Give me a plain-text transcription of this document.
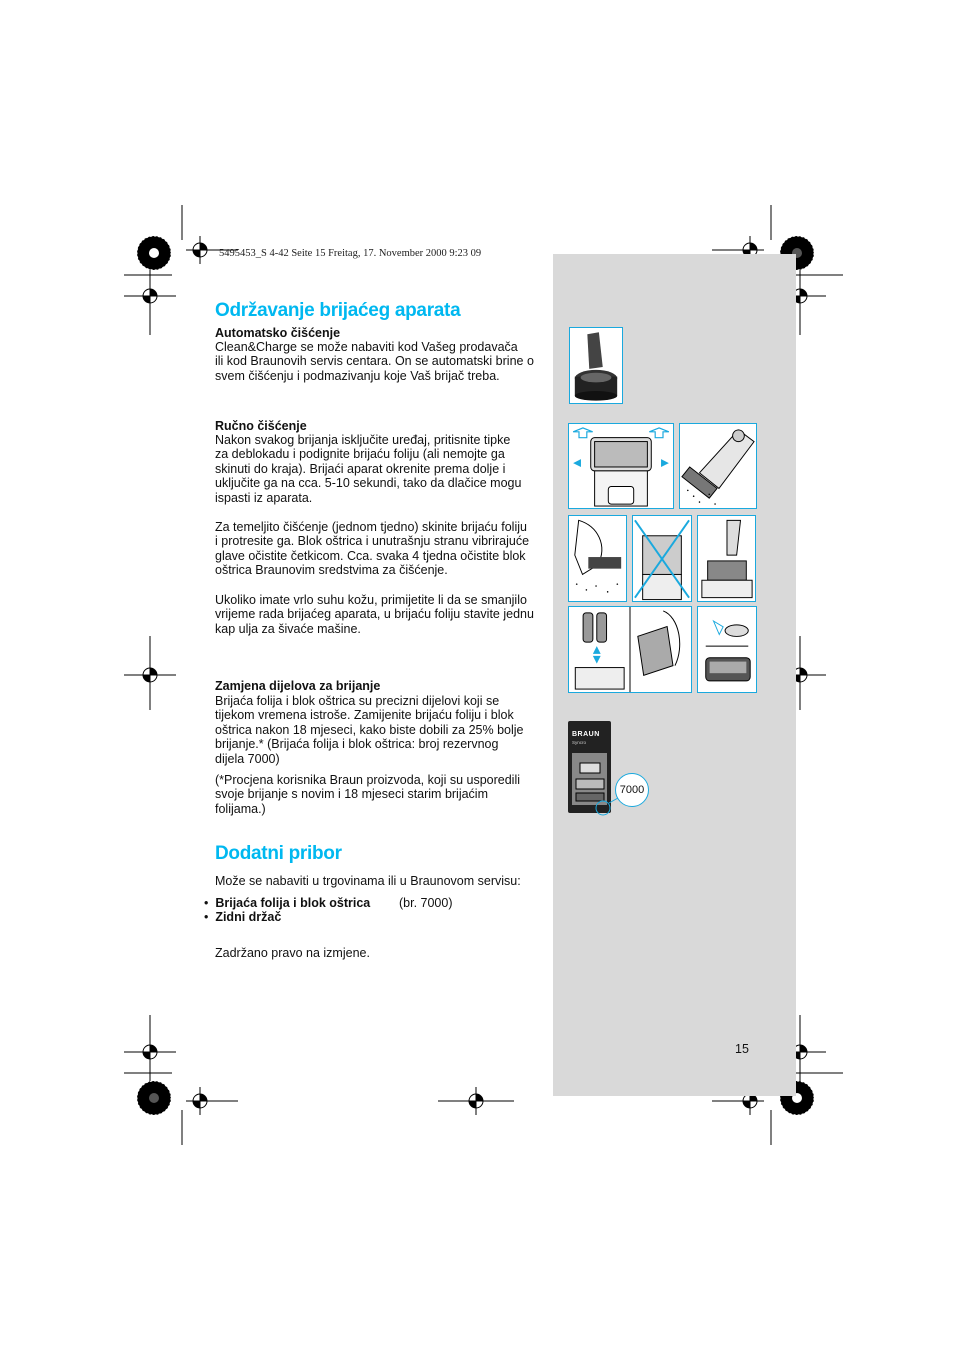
5495453_S 4-42 Seite 15 Freitag, 17. November 2000 9:23 09
Održavanje brijaćeg aparata
Automatsko čišćenje
Clean&Charge se može nabaviti kod Vašeg prodavača
ili kod Braunovih servis centara. On se automatski brine o
svem čišćenju i podmazivanju koje Vaš brijač treba.
Ručno čišćenje
Nakon svakog brijanja isključite uređaj, pritisnite tipke
za deblokadu i podignite brijaću foliju (ali nemojte ga
skinuti do kraja). Brijaći aparat okrenite prema dolje i
uključite ga na cca. 5-10 sekundi, tako da dlačice mogu
ispasti iz aparata.
Za temeljito čišćenje (jednom tjedno) skinite brijaću foliju
i protresite ga. Blok oštrica i unutrašnju stranu vibrirajuće
glave očistite četkicom. Cca. svaka 4 tjedna očistite blok
oštrica Braunovim sredstvima za čišćenje.
Ukoliko imate vrlo suhu kožu, primijetite li da se smanjilo
vrijeme rada brijaćeg aparata, u brijaću foliju stavite jednu
kap ulja za šivaće mašine.
Zamjena dijelova za brijanje
Brijaća folija i blok oštrica su precizni dijelovi koji se
tijekom vremena istroše. Zamijenite brijaću foliju i blok
oštrica nakon 18 mjeseci, kako biste dobili za 25% bolje
brijanje.* (Brijaća folija i blok oštrica: broj rezervnog
dijela 7000)
(*Procjena korisnika Braun proizvoda, koji su usporedili
svoje brijanje s novim i 18 mjeseci starim brijaćim
folijama.)
Dodatni pribor
Može se nabaviti u trgovinama ili u Braunovom servisu:
•  Brijaća folija i blok oštrica (br. 7000)
•  Zidni držač
Zadržano pravo na izmjene.
15
BRAUN
Syncro
7000
